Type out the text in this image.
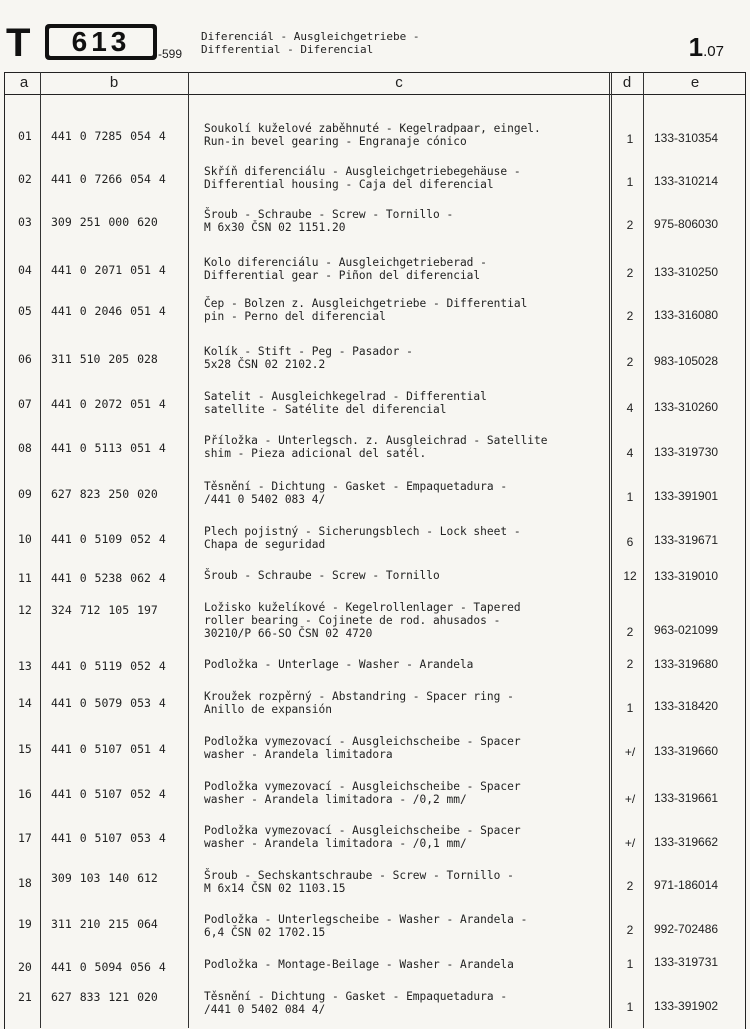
T	613	-599
Diferenciál - Ausgleichgetriebe -
Differential - Diferencial	1.07
a	b	c	d	e
01 441 0 7285 054 4
Soukolí kuželové zaběhnuté - Kegelradpaar, eingel.
Run-in bevel gearing - Engranaje cónico	1	133-310354
02 441 0 7266 054 4
Skříň diferenciálu - Ausgleichgetriebegehäuse -
Differential housing - Caja del diferencial	1	133-310214
03 309 251 000 620
Šroub - Schraube - Screw - Tornillo -
M 6x30 ČSN 02 1151.20	2	975-806030
04 441 0 2071 051 4
Kolo diferenciálu - Ausgleichgetrieberad -
Differential gear - Piñon del diferencial	2	133-310250
05 441 0 2046 051 4
Čep - Bolzen z. Ausgleichgetriebe - Differential
pin - Perno del diferencial	2	133-316080
06 311 510 205 028
Kolík - Stift - Peg - Pasador -
5x28 ČSN 02 2102.2	2	983-105028
07 441 0 2072 051 4
Satelit - Ausgleichkegelrad - Differential
satellite - Satélite del diferencial	4	133-310260
08 441 0 5113 051 4
Příložka - Unterlegsch. z. Ausgleichrad - Satellite
shim - Pieza adicional del satél.	4	133-319730
09 627 823 250 020
Těsnění - Dichtung - Gasket - Empaquetadura -
/441 0 5402 083 4/	1	133-391901
10 441 0 5109 052 4
Plech pojistný - Sicherungsblech - Lock sheet -
Chapa de seguridad	6	133-319671
11 441 0 5238 062 4	Šroub - Schraube - Screw - Tornillo	12 133-319010
12 324 712 105 197	Ložisko kuželíkové - Kegelrollenlager - Tapered
roller bearing - Cojinete de rod. ahusados -
30210/P 66-SO ČSN 02 4720	2	963-021099
13 441 0 5119 052 4	Podložka - Unterlage - Washer - Arandela	2	133-319680
14 441 0 5079 053 4	Kroužek rozpěrný - Abstandring - Spacer ring -
Anillo de expansión	1	133-318420
15 441 0 5107 051 4
Podložka vymezovací - Ausgleichscheibe - Spacer
washer - Arandela limitadora	+/	133-319660
16 441 0 5107 052 4
Podložka vymezovací - Ausgleichscheibe - Spacer
washer - Arandela limitadora - /0,2 mm/	+/	133-319661
17 441 0 5107 053 4
Podložka vymezovací - Ausgleichscheibe - Spacer
washer - Arandela limitadora - /0,1 mm/	+/	133-319662
18 309 103 140 612	Šroub - Sechskantschraube - Screw - Tornillo -
M 6x14 ČSN 02 1103.15	2	971-186014
19 311 210 215 064	Podložka - Unterlegscheibe - Washer - Arandela -
6,4 ČSN 02 1702.15	2	992-702486
20 441 0 5094 056 4	Podložka - Montage-Beilage - Washer - Arandela	1	133-319731
21 627 833 121 020	Těsnění - Dichtung - Gasket - Empaquetadura -
/441 0 5402 084 4/	1	133-391902
